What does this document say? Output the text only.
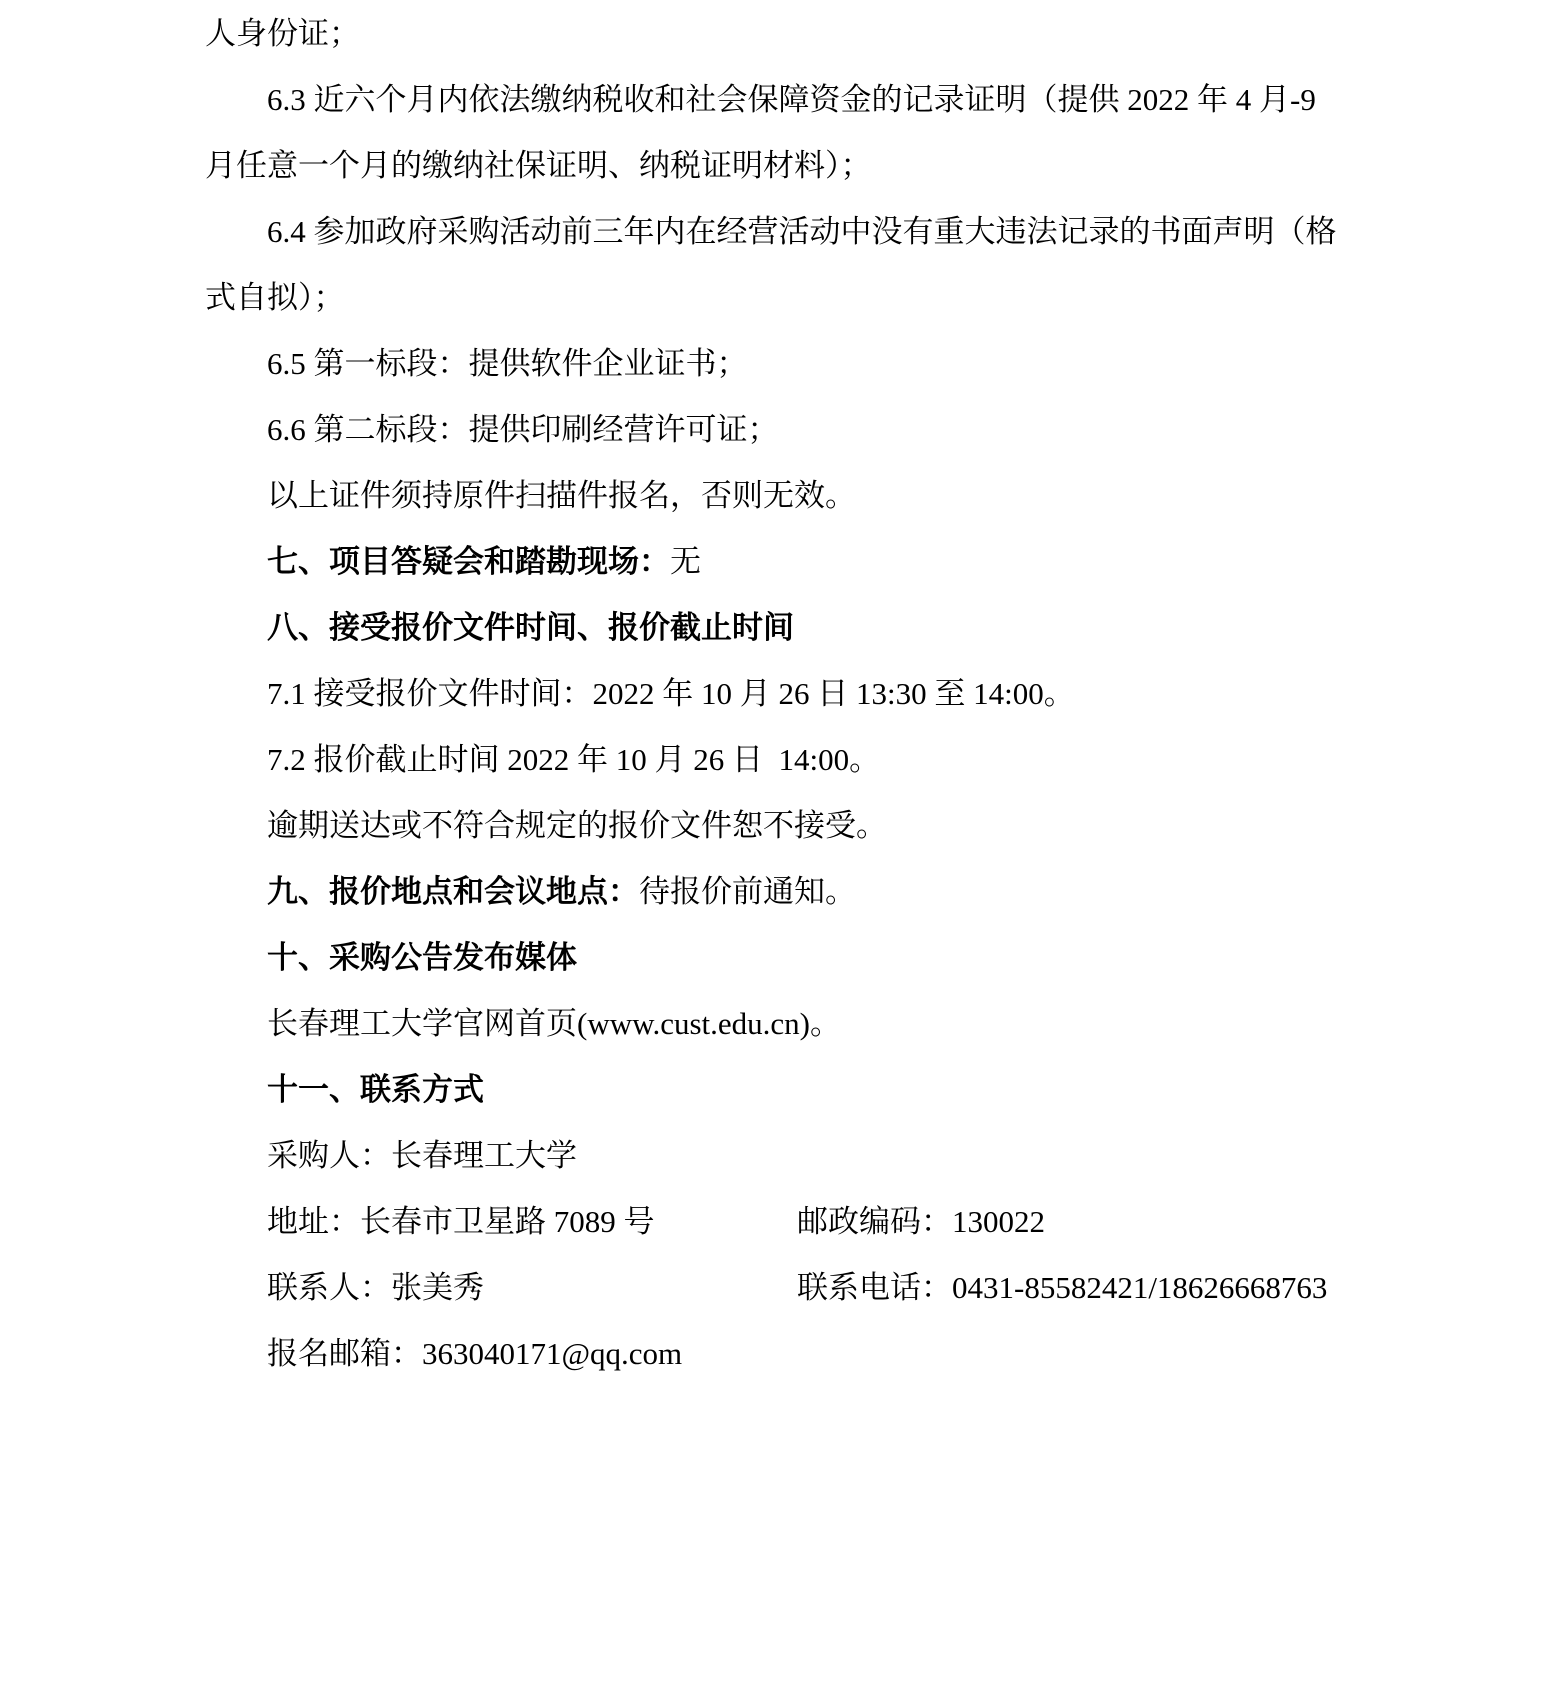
人身份证；
6.3 近六个月内依法缴纳税收和社会保障资金的记录证明（提供 2022 年 4 月-9
月任意一个月的缴纳社保证明、纳税证明材料）；
6.4 参加政府采购活动前三年内在经营活动中没有重大违法记录的书面声明（格
式自拟）；
6.5 第一标段：提供软件企业证书；
6.6 第二标段：提供印刷经营许可证；
以上证件须持原件扫描件报名，否则无效。
七、项目答疑会和踏勘现场：无
八、接受报价文件时间、报价截止时间
7.1 接受报价文件时间：2022 年 10 月 26 日 13:30 至 14:00。
7.2 报价截止时间 2022 年 10 月 26 日  14:00。
逾期送达或不符合规定的报价文件恕不接受。
九、报价地点和会议地点：待报价前通知。
十、采购公告发布媒体
长春理工大学官网首页(www.cust.edu.cn)。
十一、联系方式
采购人：长春理工大学
地址：长春市卫星路 7089 号	邮政编码：130022
联系人：张美秀	联系电话：0431-85582421/18626668763
报名邮箱：363040171@qq.com
